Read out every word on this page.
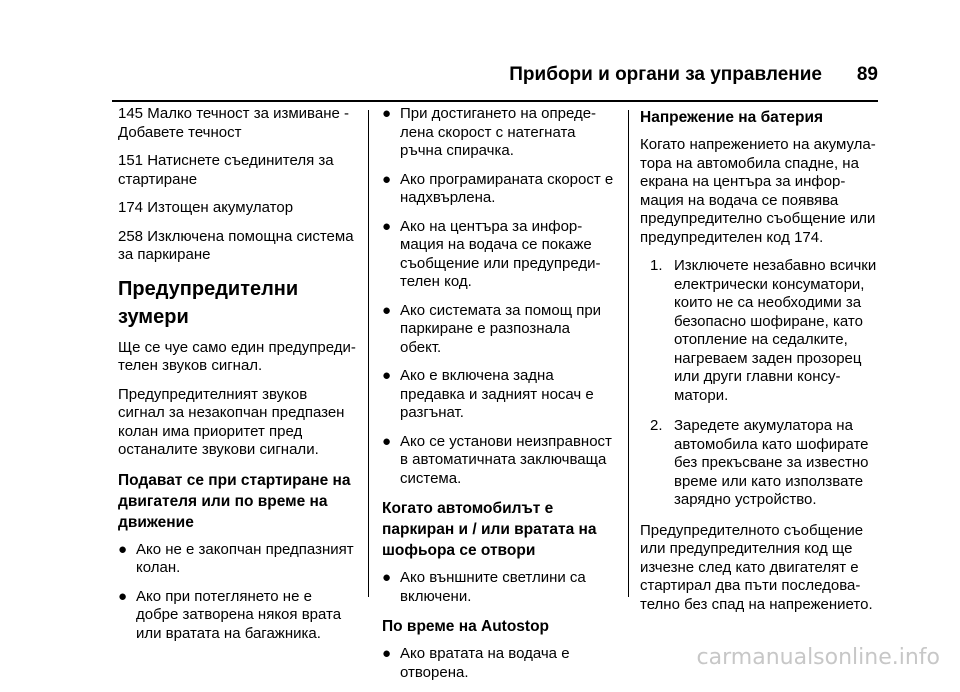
Прибори и органи за управление 89

145 Малко течност за измиване - Добавете течност

151 Натиснете съединителя за стартиране

174 Изтощен акумулатор

258 Изключена помощна система за паркиране

Предупредителни зумери

Ще се чуе само един предупреди-телен звуков сигнал.

Предупредителният звуков сигнал за незакопчан предпазен колан има приоритет пред останалите звукови сигнали.

Подават се при стартиране на двигателя или по време на движение
● Ако не е закопчан предпазният колан.
● Ако при потеглянето не е добре затворена някоя врата или вратата на багажника.
● При достигането на опреде-лена скорост с натегната ръчна спирачка.
● Ако програмираната скорост е надхвърлена.
● Ако на центъра за инфор-мация на водача се покаже съобщение или предупреди-телен код.
● Ако системата за помощ при паркиране е разпознала обект.
● Ако е включена задна предавка и задният носач е разгънат.
● Ако се установи неизправност в автоматичната заключваща система.
Когато автомобилът е паркиран и / или вратата на шофьора се отвори
● Ако външните светлини са включени.
По време на Autostop
● Ако вратата на водача е отворена.
Напрежение на батерия

Когато напрежението на акумула-тора на автомобила спадне, на екрана на центъра за инфор-мация на водача се появява предупредително съобщение или предупредителен код 174.

1. Изключете незабавно всички електрически консуматори, които не са необходими за безопасно шофиране, като отопление на седалките, нагреваем заден прозорец или други главни консу-матори.
2. Заредете акумулатора на автомобила като шофирате без прекъсване за известно време или като използвате зарядно устройство.

Предупредителното съобщение или предупредителния код ще изчезне след като двигателят е стартирал два пъти последова-телно без спад на напрежението.

carmanualsonline.info
